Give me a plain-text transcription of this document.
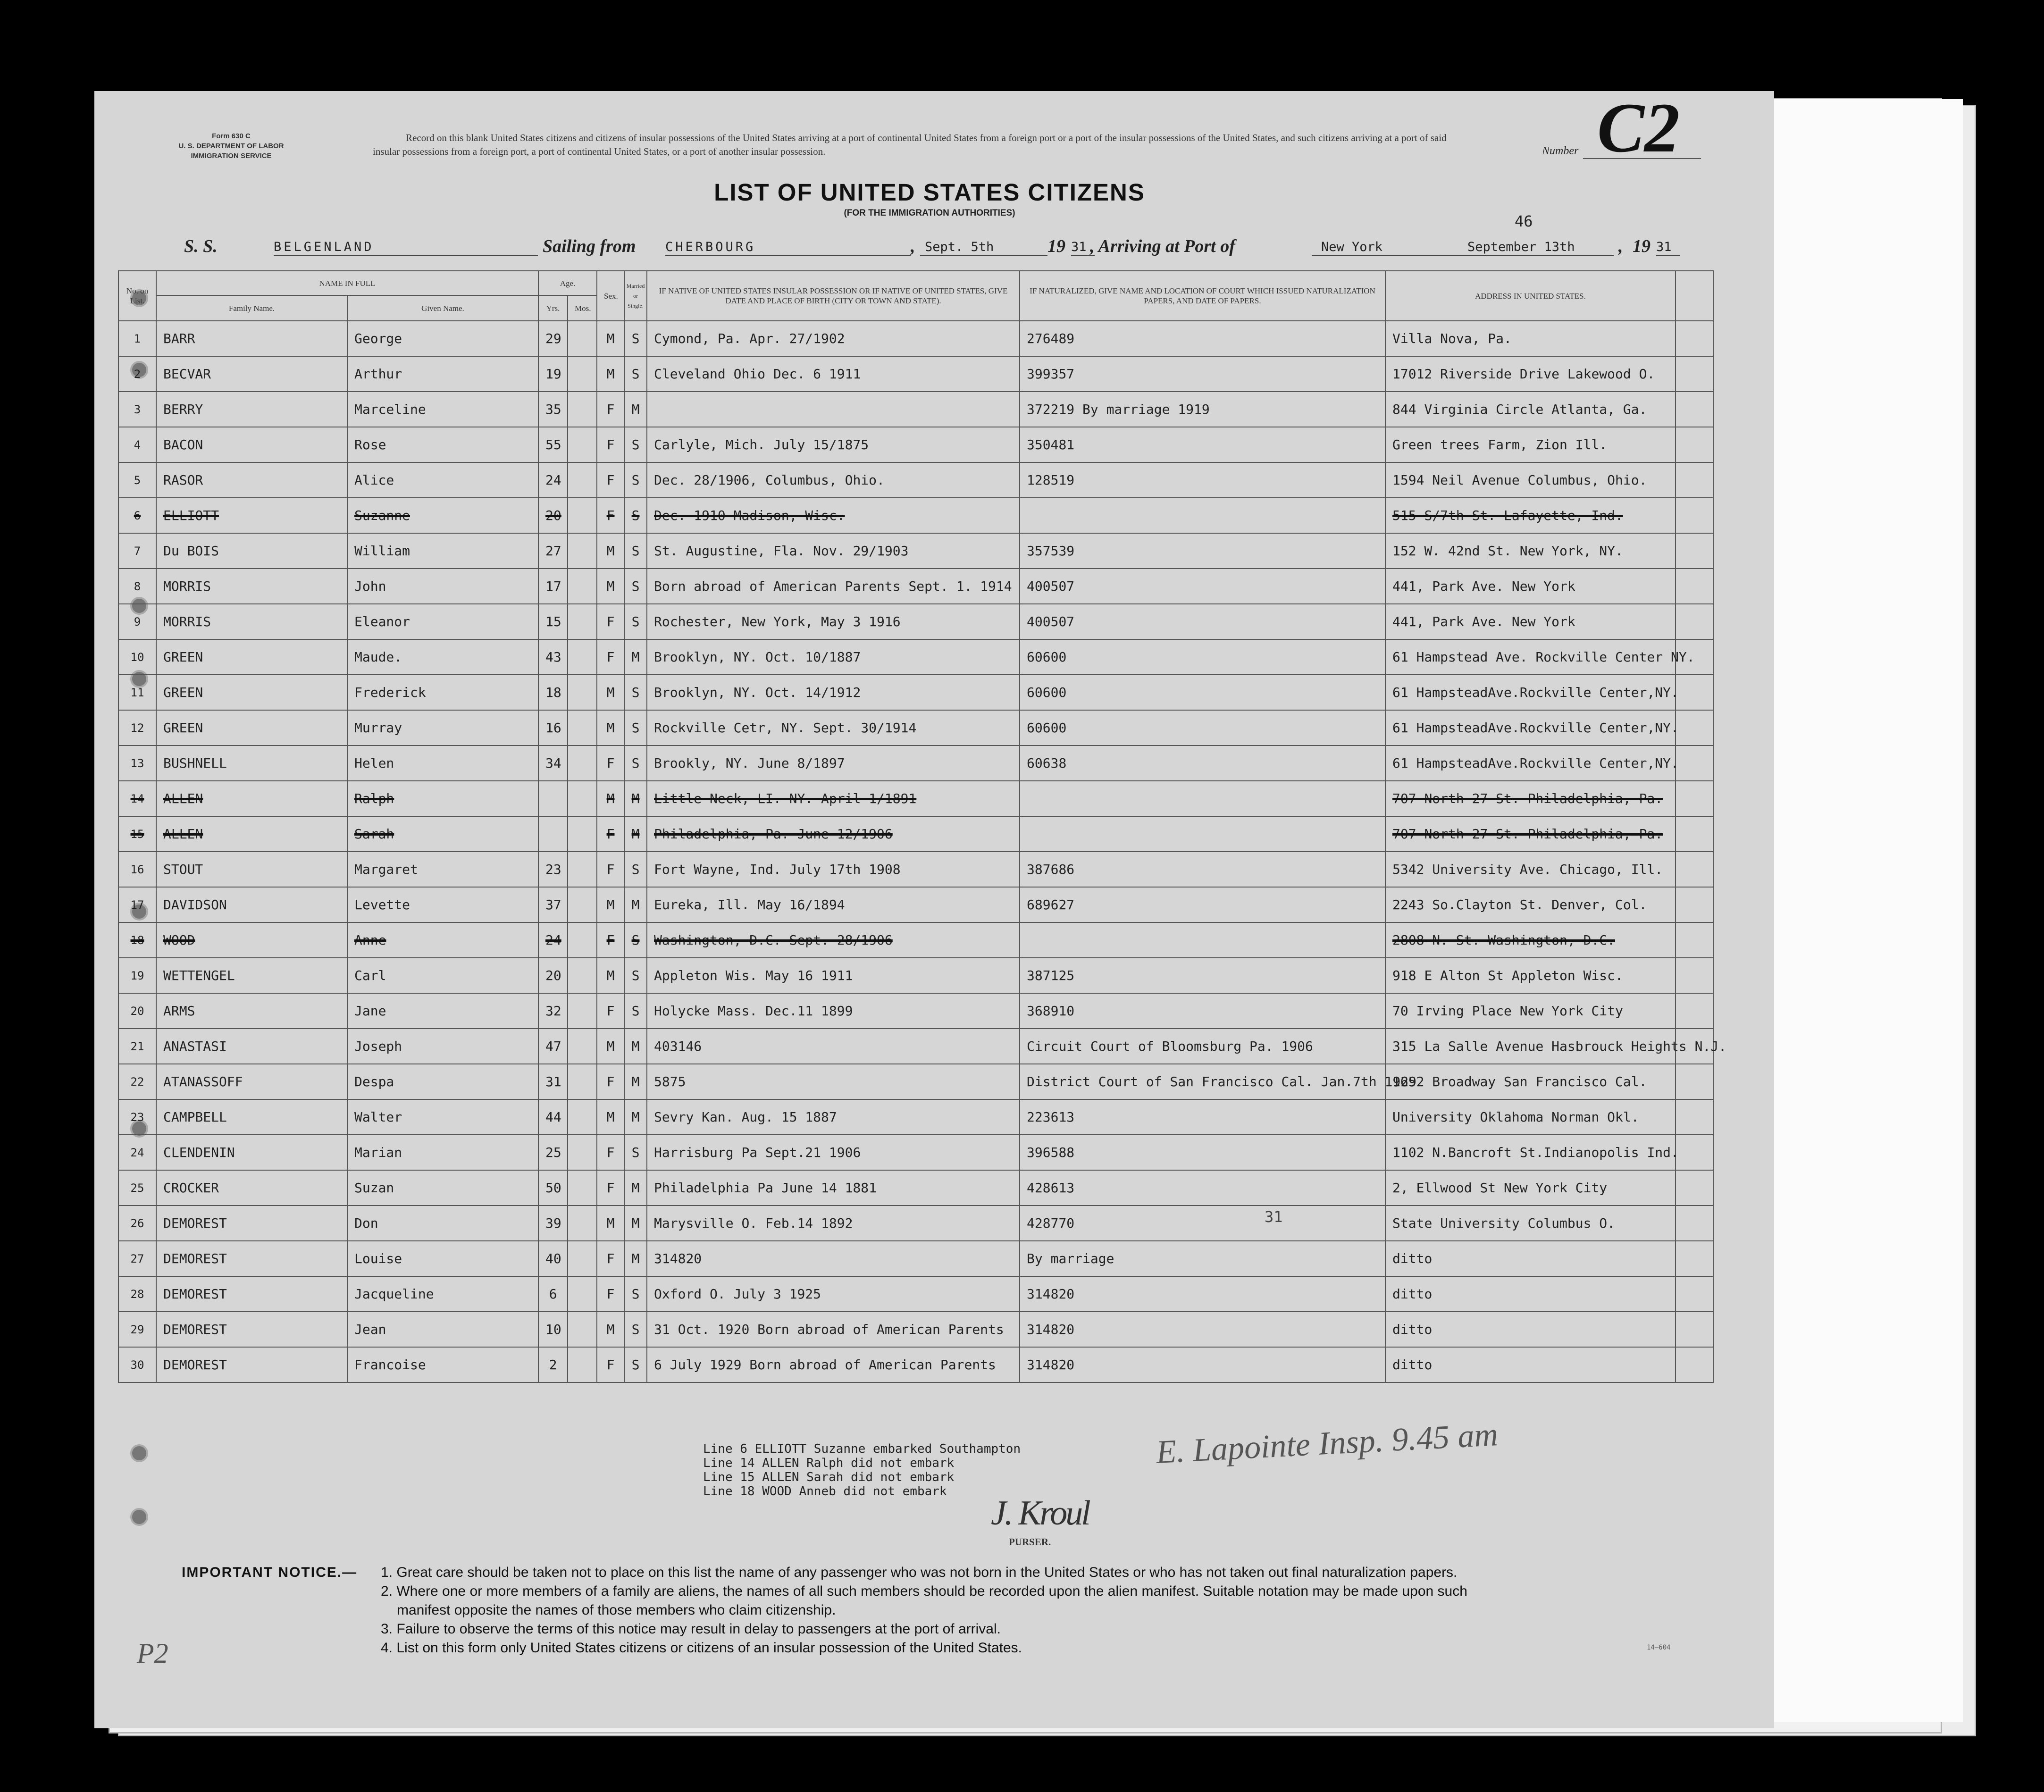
Form 630 C
U. S. DEPARTMENT OF LABOR
IMMIGRATION SERVICE
Record on this blank United States citizens and citizens of insular possessions of the United States arriving at a port of continental United States from a foreign port or a port of the insular possessions of the United States, and such citizens arriving at a port of said insular possessions from a foreign port, a port of continental United States, or a port of another insular possession.	Number C2
LIST OF UNITED STATES CITIZENS
(FOR THE IMMIGRATION AUTHORITIES)	46
S. S.	BELGENLAND	Sailing from CHERBOURG	, Sept. 5th	19 31 , Arriving at Port of	New York	September 13th , 19 31
No. on List.	NAME IN FULL		Age.		Sex.	Married or Single.	IF NATIVE OF UNITED STATES INSULAR POSSESSION OR IF NATIVE OF UNITED STATES, GIVE DATE AND PLACE OF BIRTH (CITY OR TOWN AND STATE).	IF NATURALIZED, GIVE NAME AND LOCATION OF COURT WHICH ISSUED NATURALIZATION PAPERS, AND DATE OF PAPERS.	ADDRESS IN UNITED STATES.	
	Family Name.	Given Name.	Yrs.	Mos.						
1	BARR	George	29		M	S	Cymond, Pa. Apr. 27/1902	276489	Villa Nova, Pa.	
2	BECVAR	Arthur	19		M	S	Cleveland Ohio Dec. 6 1911	399357	17012 Riverside Drive Lakewood O.	
3	BERRY	Marceline	35		F	M		372219 By marriage 1919	844 Virginia Circle Atlanta, Ga.	
4	BACON	Rose	55		F	S	Carlyle, Mich. July 15/1875	350481	Green trees Farm, Zion Ill.	
5	RASOR	Alice	24		F	S	Dec. 28/1906, Columbus, Ohio.	128519	1594 Neil Avenue Columbus, Ohio.	
6	ELLIOTT	Suzanne	20		F	S	Dec. 1910 Madison, Wisc.		515 S/7th St. Lafayette, Ind.	
7	Du BOIS	William	27		M	S	St. Augustine, Fla. Nov. 29/1903	357539	152 W. 42nd St. New York, NY.	
8	MORRIS	John	17		M	S	Born abroad of American Parents Sept. 1. 1914	400507	441, Park Ave. New York	
9	MORRIS	Eleanor	15		F	S	Rochester, New York, May 3 1916	400507	441, Park Ave. New York	
10	GREEN	Maude.	43		F	M	Brooklyn, NY. Oct. 10/1887	60600	61 Hampstead Ave. Rockville Center NY.	
11	GREEN	Frederick	18		M	S	Brooklyn, NY. Oct. 14/1912	60600	61 HampsteadAve.Rockville Center,NY.	
12	GREEN	Murray	16		M	S	Rockville Cetr, NY. Sept. 30/1914	60600	61 HampsteadAve.Rockville Center,NY.	
13	BUSHNELL	Helen	34		F	S	Brookly, NY. June 8/1897	60638	61 HampsteadAve.Rockville Center,NY.	
14	ALLEN	Ralph			M	M	Little Neck, LI. NY. April 1/1891		707 North 27 St. Philadelphia, Pa.	
15	ALLEN	Sarah			F	M	Philadelphia, Pa. June 12/1906		707 North 27 St. Philadelphia, Pa.	
16	STOUT	Margaret	23		F	S	Fort Wayne, Ind. July 17th 1908	387686	5342 University Ave. Chicago, Ill.	
17	DAVIDSON	Levette	37		M	M	Eureka, Ill. May 16/1894	689627	2243 So.Clayton St. Denver, Col.	
18	WOOD	Anne	24		F	S	Washington, D.C. Sept. 28/1906		2808 N. St. Washington, D.C.	
19	WETTENGEL	Carl	20		M	S	Appleton Wis. May 16 1911	387125	918 E Alton St Appleton Wisc.	
20	ARMS	Jane	32		F	S	Holycke Mass. Dec.11 1899	368910	70 Irving Place New York City	
21	ANASTASI	Joseph	47		M	M	403146	Circuit Court of Bloomsburg Pa. 1906	315 La Salle Avenue Hasbrouck Heights N.J.	
22	ATANASSOFF	Despa	31		F	M	5875	District Court of San Francisco Cal. Jan.7th 1929	1652 Broadway San Francisco Cal.	
23	CAMPBELL	Walter	44		M	M	Sevry Kan. Aug. 15 1887	223613	University Oklahoma Norman Okl.	
24	CLENDENIN	Marian	25		F	S	Harrisburg Pa Sept.21 1906	396588	1102 N.Bancroft St.Indianopolis Ind.	
25	CROCKER	Suzan	50		F	M	Philadelphia Pa June 14 1881	428613	2, Ellwood St New York City	
26	DEMOREST	Don	39		M	M	Marysville O. Feb.14 1892	428770	State University Columbus O.	
27	DEMOREST	Louise	40		F	M	314820	By marriage	ditto	
28	DEMOREST	Jacqueline	6		F	S	Oxford O. July 3 1925	314820	ditto	
29	DEMOREST	Jean	10		M	S	31 Oct. 1920 Born abroad of American Parents	314820	ditto	
30	DEMOREST	Francoise	2		F	S	6 July 1929 Born abroad of American Parents	314820	ditto	
31
Line 6 ELLIOTT Suzanne embarked Southampton
Line 14 ALLEN Ralph did not embark
Line 15 ALLEN Sarah did not embark
Line 18 WOOD Anneb did not embark
E. Lapointe Insp. 9.45 am
J. Kroul
PURSER.
IMPORTANT NOTICE.— 1. Great care should be taken not to place on this list the name of any passenger who was not born in the United States or who has not taken out final naturalization papers.
2. Where one or more members of a family are aliens, the names of all such members should be recorded upon the alien manifest. Suitable notation may be made upon such
manifest opposite the names of those members who claim citizenship.
3. Failure to observe the terms of this notice may result in delay to passengers at the port of arrival.
4. List on this form only United States citizens or citizens of an insular possession of the United States.	14—604
P2
